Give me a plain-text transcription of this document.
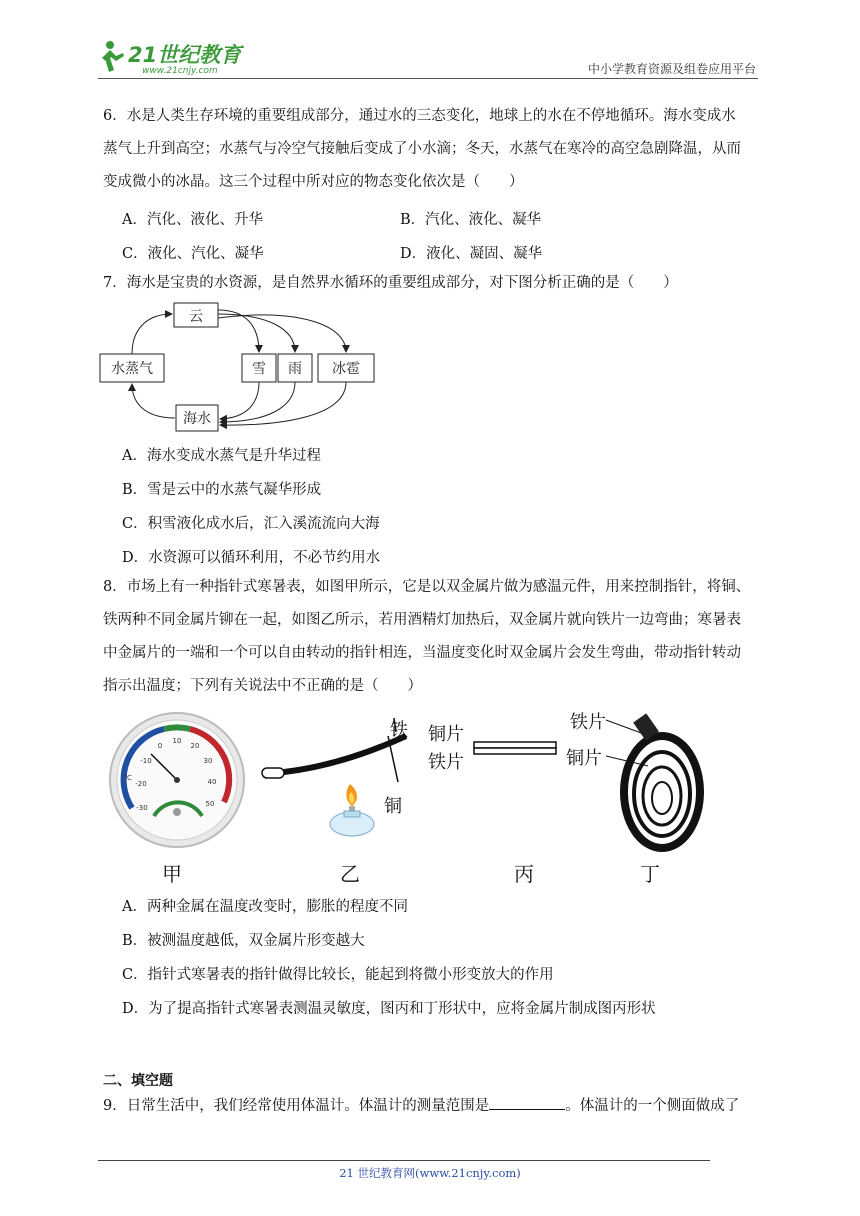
21世纪教育
www.21cnjy.com	中小学教育资源及组卷应用平台
6．水是人类生存环境的重要组成部分，通过水的三态变化，地球上的水在不停地循环。海水变成水
蒸气上升到高空；水蒸气与冷空气接触后变成了小水滴；冬天，水蒸气在寒冷的高空急剧降温，从而
变成微小的冰晶。这三个过程中所对应的物态变化依次是（　　）
A．汽化、液化、升华	B．汽化、液化、凝华
C．液化、汽化、凝华	D．液化、凝固、凝华
7．海水是宝贵的水资源，是自然界水循环的重要组成部分，对下图分析正确的是（　　）
云
水蒸气	雪 雨 冰雹
海水
A．海水变成水蒸气是升华过程
B．雪是云中的水蒸气凝华形成
C．积雪液化成水后，汇入溪流流向大海
D．水资源可以循环利用，不必节约用水
8．市场上有一种指针式寒暑表，如图甲所示，它是以双金属片做为感温元件，用来控制指针，将铜、
铁两种不同金属片铆在一起，如图乙所示，若用酒精灯加热后，双金属片就向铁片一边弯曲；寒暑表
中金属片的一端和一个可以自由转动的指针相连，当温度变化时双金属片会发生弯曲，带动指针转动
指示出温度；下列有关说法中不正确的是（　　）
-30
-20
-10
0
10
20
30
40
50
℃
铁
铜
铜片
铁片
铁片
铜片
甲	乙	丙	丁
A．两种金属在温度改变时，膨胀的程度不同
B．被测温度越低，双金属片形变越大
C．指针式寒暑表的指针做得比较长，能起到将微小形变放大的作用
D．为了提高指针式寒暑表测温灵敏度，图丙和丁形状中，应将金属片制成图丙形状
二、填空题
9．日常生活中，我们经常使用体温计。体温计的测量范围是	。体温计的一个侧面做成了
21 世纪教育网(www.21cnjy.com)
